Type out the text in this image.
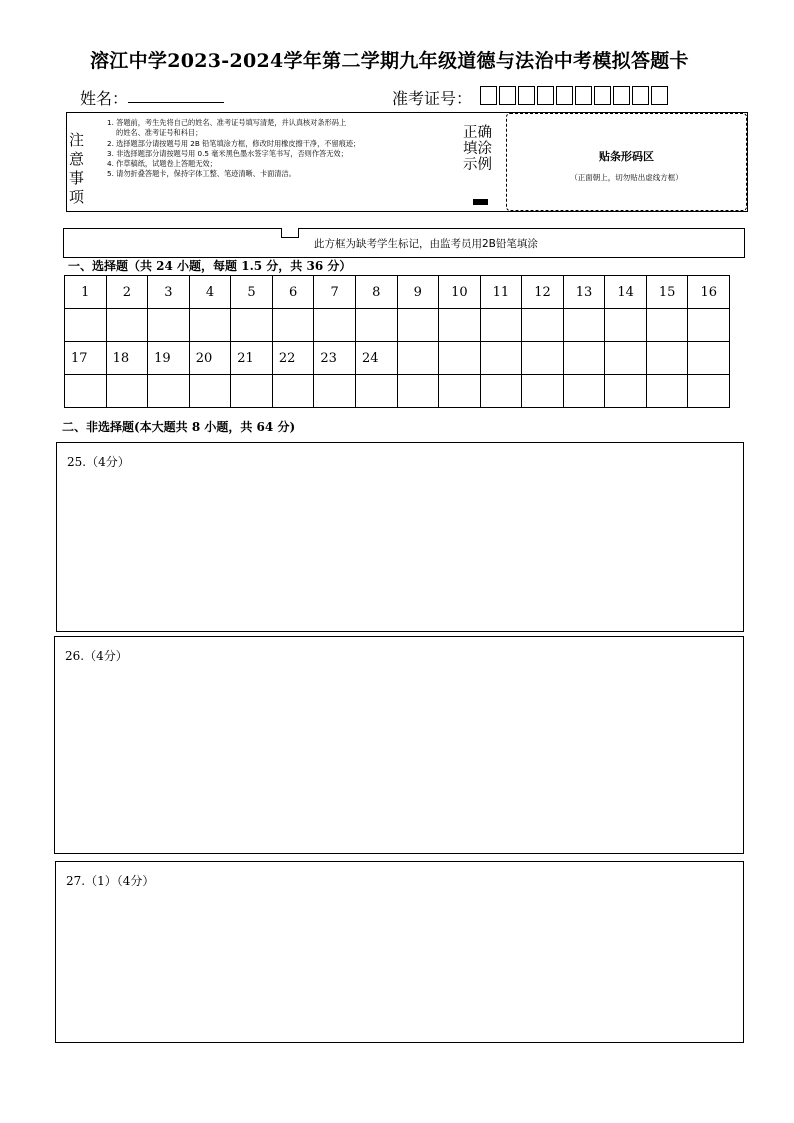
溶江中学2023-2024学年第二学期九年级道德与法治中考模拟答题卡
姓名：	准考证号：
注意事项
1. 答题前，考生先将自己的姓名、准考证号填写清楚，并认真核对条形码上
的姓名、准考证号和科目；
2. 选择题部分请按题号用 2B 铅笔填涂方框，修改时用橡皮擦干净，不留痕迹；
3. 非选择题部分请按题号用 0.5 毫米黑色墨水签字笔书写，否则作答无效；
4. 作草稿纸，试题卷上答题无效；
5. 请勿折叠答题卡，保持字体工整、笔迹清晰、卡面清洁。
正确填涂示例
贴条形码区
（正面朝上，切勿贴出虚线方框）
此方框为缺考学生标记，由监考员用2B铅笔填涂
一、选择题（共 24 小题，每题 1.5 分，共 36 分）
1	2	3	4	5	6	7	8	9	10	11	12	13	14	15	16

17	18	19	20	21	22	23	24								

二、非选择题(本大题共 8 小题，共 64 分)
25.（4分）
26.（4分）
27.（1）（4分）
